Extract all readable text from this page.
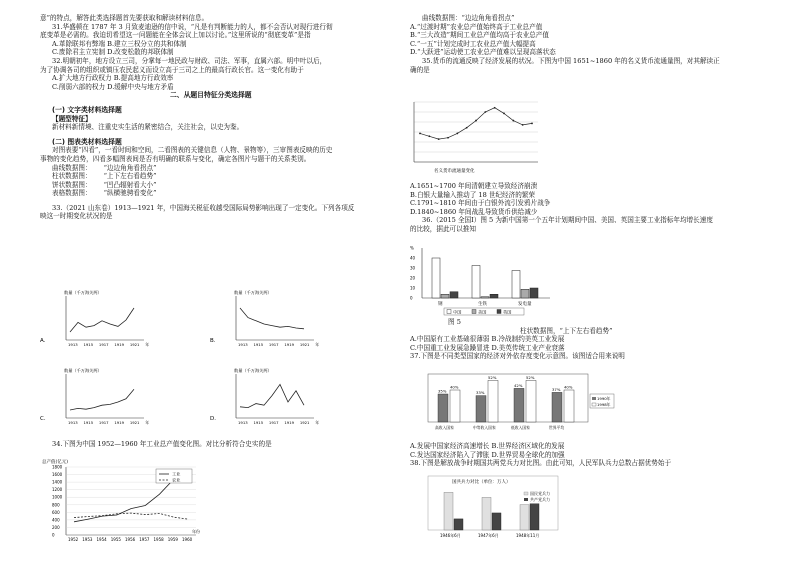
意”的特点，解答此类选择题首先要获取和解读材料信息。

31.华盛顿在 1787 年 3 月致麦迪逊的信中说，“凡是有判断能力的人，都不会否认对现行进行彻

底变革是必需的。我迫切希望这一问题能在全体会议上加以讨论。”这里所说的“彻底变革”是指

A.革除联邦有弊端 B.建立三权分立的共和体制

C.废除君主立宪制 D.改变松散的邦联体制

32.明朝初年，地方设立三司，分掌每一地民政与财政、司法、军事，直属六部。明中叶以后，

为了协调各司的组织或镇压农民起义而设立高于三司之上的最高行政长官。这一变化有助于

A.扩大地方行政权力 B.提高地方行政效率

C.削弱六部的权力 D.缓解中央与地方矛盾

二、从题目特征分类选择题

(一) 文字类材料选择题

【题型特征】

新材料新情境、注重史实生活的紧密结合，关注社会，以史为鉴。

(二) 图表类材料选择题

对图表要“四看”，一看时间和空间，二看图表的关键信息（人物、景物等），三审图表反映的历史

事物的变化趋势，四看多幅图表间是否有明确的联系与变化，确定各图片与题干的关系类别。

曲线数据图：	“边边角角看拐点”
柱状数据图：	“上下左右看趋势”
饼状数据图：	“凹凸辐射看大小”
表格数据图：	“纵横驰骋看变化”

33.（2021 山东卷）1913—1921 年，中国海关税征收越受国际局势影响出现了一定变化。下列各项反

映这一时期变化状况的是

数量（千万海关两）
1913 1915 1917 1919 1921 年
A.
数量（千万海关两）
1913 1915 1917 1919 1921 年
B.
数量（千万海关两）
1913 1915 1917 1919 1921 年
C.
数量（千万海关两）
1913 1915 1917 1919 1921 年
D.

34.下图为中国 1952—1960 年工业总产值变化图。对比分析符合史实的是

总产值(亿元)
1800
1600
1400
1200
1000
800
600
400
200
0
1952 1953 1954 1955 1956 1957 1958 1959 1960
年份
工业
农业

曲线数据图：“边边角角看拐点”

A.“过渡时期”农业总产值始终高于工业总产值

B.“三大改造”期间工业总产值均高于农业总产值

C.“一五”计划完成时工农业总产值大幅提高

D.“大跃进”运动使工农业总产值难以呈现高落状态

35.货币的流通反映了经济发展的状况。下图为中国 1651~1860 年的名义货币流通量图，对其解读正

确的是

名义货币流通量变化

A.1651~1700 年间清朝建立导致经济崩溃

B.白银大量输入推动了 18 世纪经济的繁荣

C.1791~1810 年间由于白银外流引发鸦片战争

D.1840~1860 年间战乱导致货币供给减少

36.（2015 全国Ⅰ）图 5 为新中国第一个五年计划期间中国、美国、英国主要工业指标年均增长速度

的比较，据此可以推知

%
40
30
20
10
0
钢	生铁	发电量
中国	美国	英国

图 5

柱状数据图，“上下左右看趋势”

A.中国原有工业基础很薄弱 B.冷战制约美英工业发展

C.中国重工业发展急躁冒进 D.美英传统工业产业衰落

37.下图是不同类型国家的经济对外依存度变化示意图。该图适合用来说明

35%
40%
高收入国家
33%
52%
中等收入国家
42%
52%
低收入国家
37% 40%
世界平均
1990年
1998年

A.发展中国家经济高速增长 B.世界经济区域化的发展

C.发达国家经济陷入了滞胀 D.世界贸易全球化的加强

38.下图是解放战争时期国共两党兵力对比图。由此可知，人民军队兵力总数占据优势始于

国共兵力对比（单位：万人）
1946年6月	1947年6月	1948年11月
国民党兵力
共产党兵力
